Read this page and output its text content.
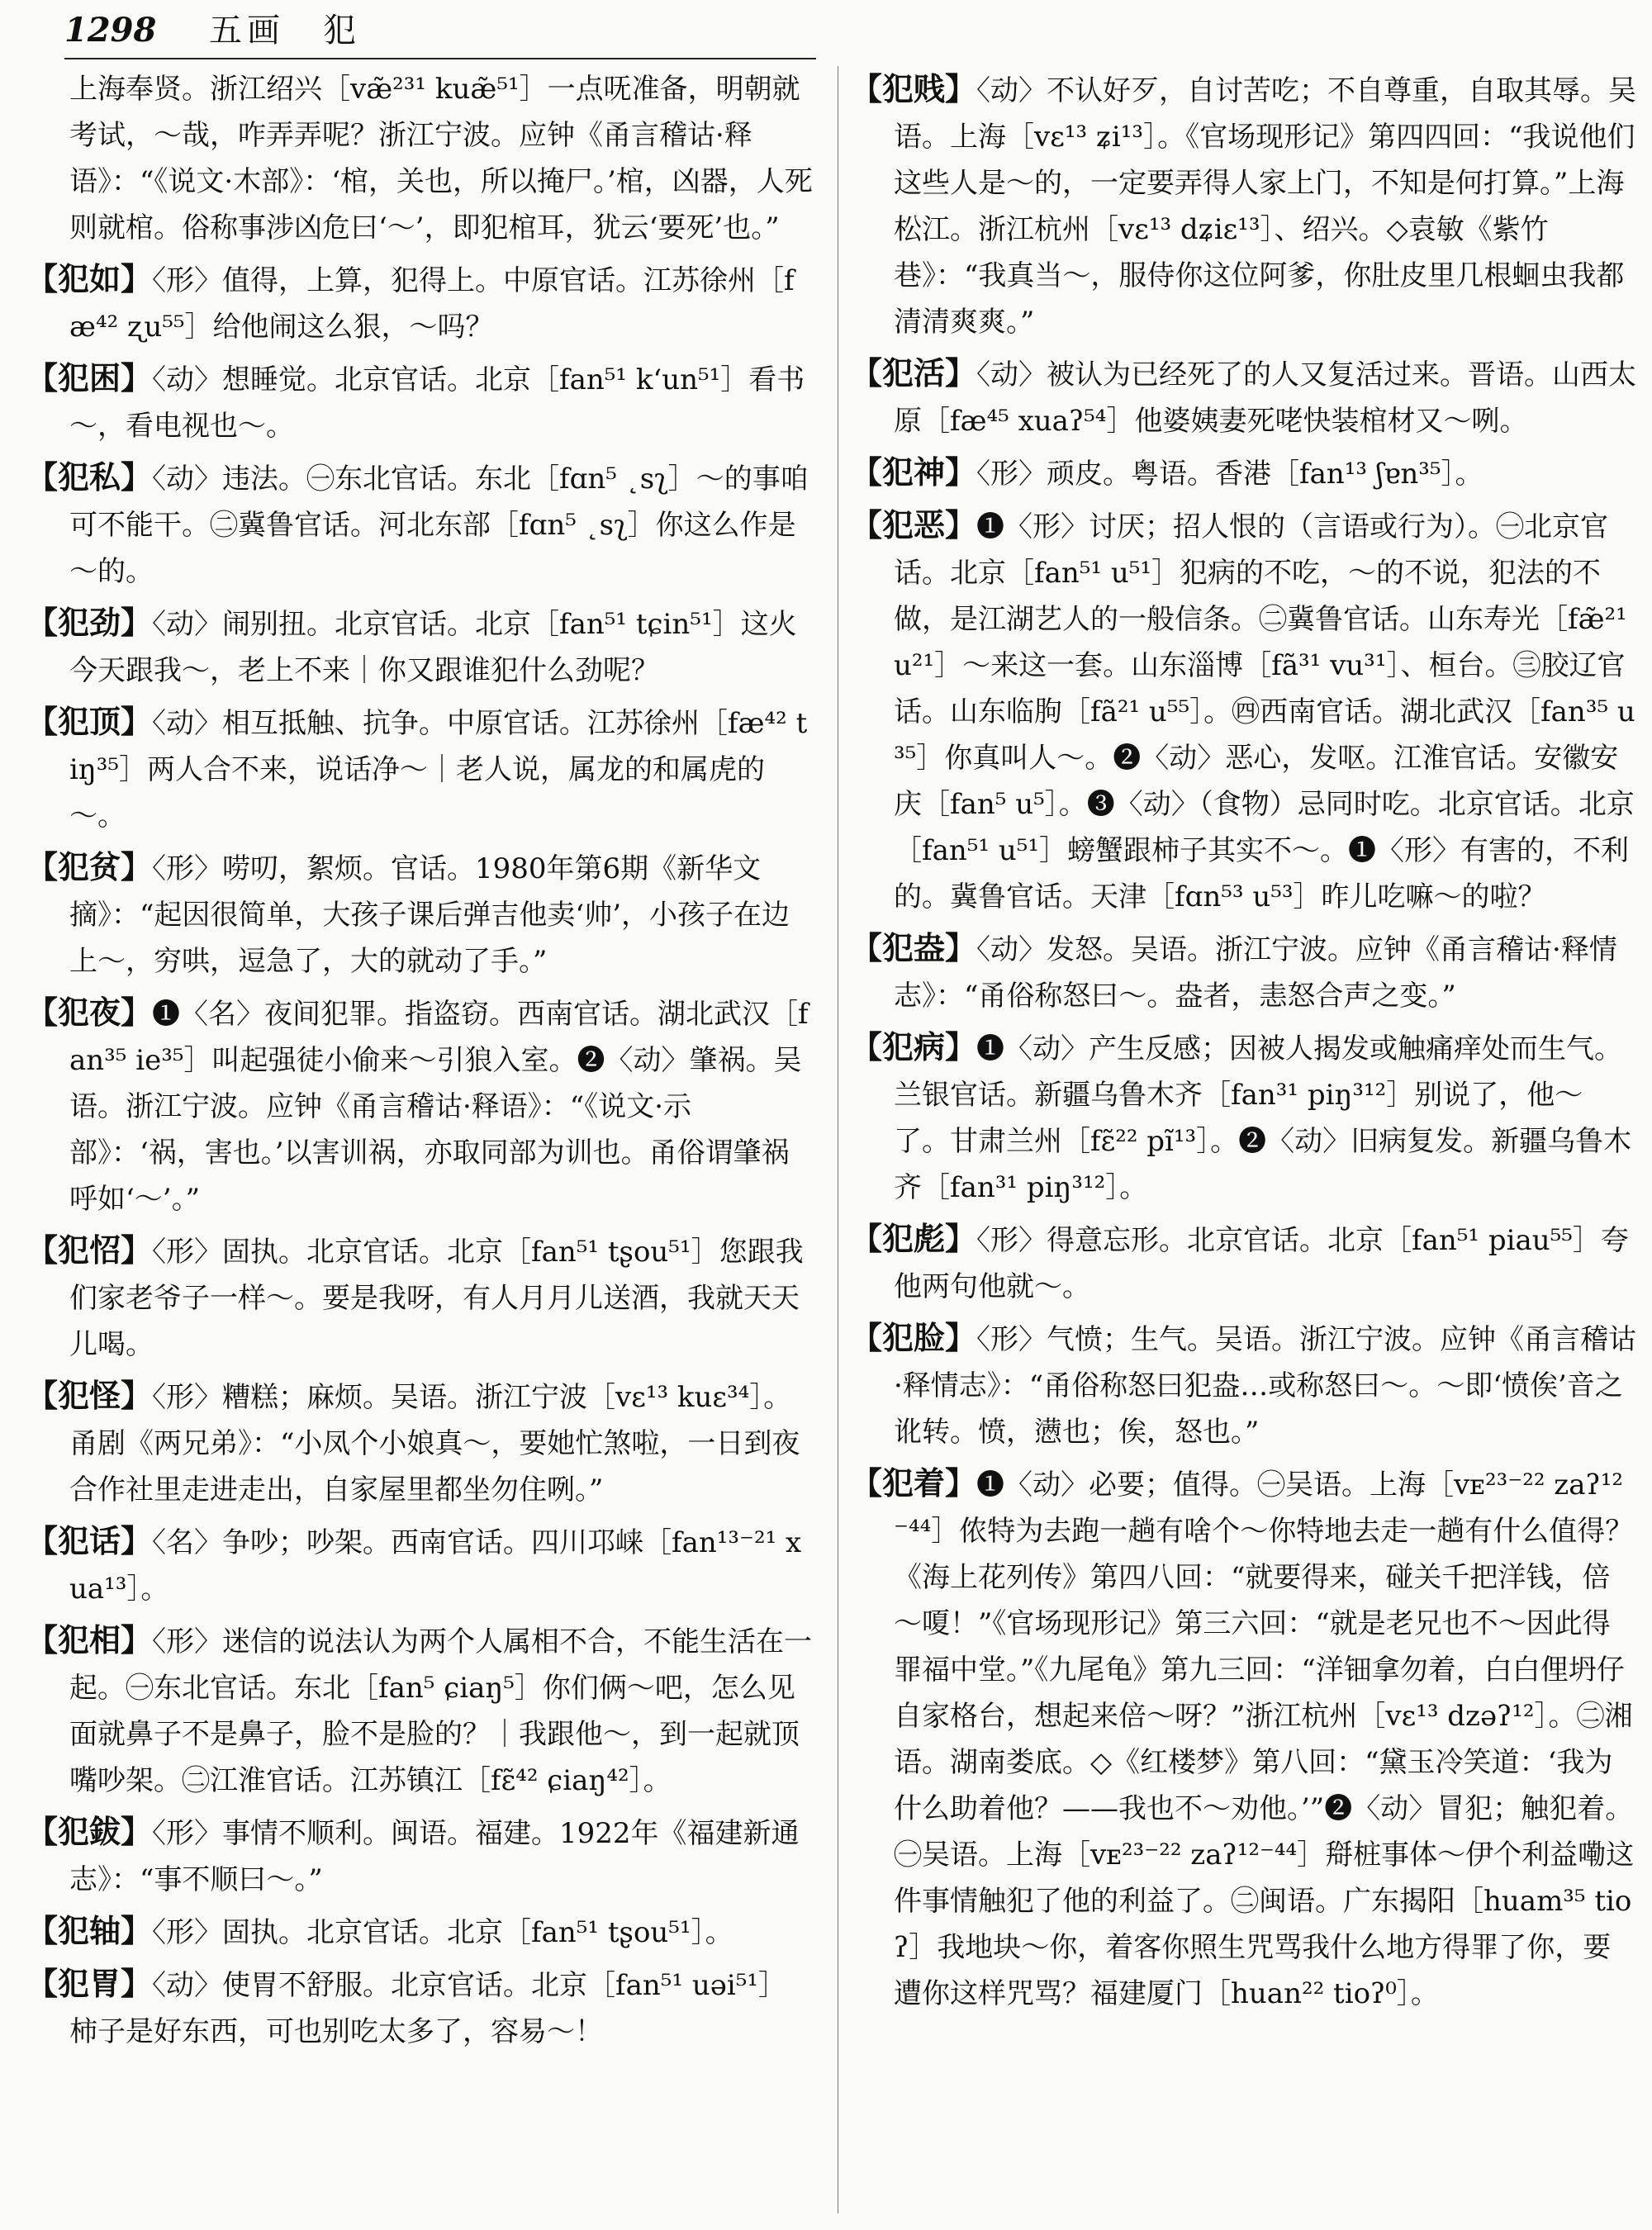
1298 五画　犯

上海奉贤。浙江绍兴［væ̃²³¹ kuæ̃⁵¹］一点呒准备，明朝就考试，～哉，咋弄弄呢？浙江宁波。应钟《甬言稽诂·释语》：“《说文·木部》：‘棺，关也，所以掩尸。’棺，凶器，人死则就棺。俗称事涉凶危曰‘～’，即犯棺耳，犹云‘要死’也。”

【犯如】〈形〉值得，上算，犯得上。中原官话。江苏徐州［fæ⁴² ʐu⁵⁵］给他闹这么狠，～吗？

【犯困】〈动〉想睡觉。北京官话。北京［fan⁵¹ k‘un⁵¹］看书～，看电视也～。

【犯私】〈动〉违法。㊀东北官话。东北［fɑn⁵ ˛sʅ］～的事咱可不能干。㊁冀鲁官话。河北东部［fɑn⁵ ˛sʅ］你这么作是～的。

【犯劲】〈动〉闹别扭。北京官话。北京［fan⁵¹ tɕin⁵¹］这火今天跟我～，老上不来｜你又跟谁犯什么劲呢？

【犯顶】〈动〉相互抵触、抗争。中原官话。江苏徐州［fæ⁴² tiŋ³⁵］两人合不来，说话净～｜老人说，属龙的和属虎的～。

【犯贫】〈形〉唠叨，絮烦。官话。1980年第6期《新华文摘》：“起因很简单，大孩子课后弹吉他卖‘帅’，小孩子在边上～，穷哄，逗急了，大的就动了手。”

【犯夜】❶〈名〉夜间犯罪。指盗窃。西南官话。湖北武汉［fan³⁵ ie³⁵］叫起强徒小偷来～引狼入室。❷〈动〉肇祸。吴语。浙江宁波。应钟《甬言稽诂·释语》：“《说文·示部》：‘祸，害也。’以害训祸，亦取同部为训也。甬俗谓肇祸呼如‘～’。”

【犯怊】〈形〉固执。北京官话。北京［fan⁵¹ tʂou⁵¹］您跟我们家老爷子一样～。要是我呀，有人月月儿送酒，我就天天儿喝。

【犯怪】〈形〉糟糕；麻烦。吴语。浙江宁波［vɛ¹³ kuɛ³⁴］。甬剧《两兄弟》：“小凤个小娘真～，要她忙煞啦，一日到夜合作社里走进走出，自家屋里都坐勿住咧。”

【犯话】〈名〉争吵；吵架。西南官话。四川邛崃［fan¹³⁻²¹ xua¹³］。

【犯相】〈形〉迷信的说法认为两个人属相不合，不能生活在一起。㊀东北官话。东北［fan⁵ ɕiaŋ⁵］你们俩～吧，怎么见面就鼻子不是鼻子，脸不是脸的？｜我跟他～，到一起就顶嘴吵架。㊁江淮官话。江苏镇江［fɛ̃⁴² ɕiaŋ⁴²］。

【犯鈸】〈形〉事情不顺利。闽语。福建。1922年《福建新通志》：“事不顺曰～。”

【犯轴】〈形〉固执。北京官话。北京［fan⁵¹ tʂou⁵¹］。

【犯胃】〈动〉使胃不舒服。北京官话。北京［fan⁵¹ uəi⁵¹］柿子是好东西，可也别吃太多了，容易～！

【犯贱】〈动〉不认好歹，自讨苦吃；不自尊重，自取其辱。吴语。上海［vɛ¹³ ʑi¹³］。《官场现形记》第四四回：“我说他们这些人是～的，一定要弄得人家上门，不知是何打算。”上海松江。浙江杭州［vɛ¹³ dʑiɛ¹³］、绍兴。◇袁敏《紫竹巷》：“我真当～，服侍你这位阿爹，你肚皮里几根蛔虫我都清清爽爽。”

【犯活】〈动〉被认为已经死了的人又复活过来。晋语。山西太原［fæ⁴⁵ xuaʔ⁵⁴］他婆姨妻死咾快装棺材又～咧。

【犯神】〈形〉顽皮。粤语。香港［fan¹³ ʃɐn³⁵］。

【犯恶】❶〈形〉讨厌；招人恨的（言语或行为）。㊀北京官话。北京［fan⁵¹ u⁵¹］犯病的不吃，～的不说，犯法的不做，是江湖艺人的一般信条。㊁冀鲁官话。山东寿光［fæ̃²¹ u²¹］～来这一套。山东淄博［fã³¹ vu³¹］、桓台。㊂胶辽官话。山东临朐［fã²¹ u⁵⁵］。㊃西南官话。湖北武汉［fan³⁵ u³⁵］你真叫人～。❷〈动〉恶心，发呕。江淮官话。安徽安庆［fan⁵ u⁵］。❸〈动〉（食物）忌同时吃。北京官话。北京［fan⁵¹ u⁵¹］螃蟹跟柿子其实不～。❶〈形〉有害的，不利的。冀鲁官话。天津［fɑn⁵³ u⁵³］昨儿吃嘛～的啦？

【犯盎】〈动〉发怒。吴语。浙江宁波。应钟《甬言稽诂·释情志》：“甬俗称怒曰～。盎者，恚怒合声之变。”

【犯病】❶〈动〉产生反感；因被人揭发或触痛痒处而生气。兰银官话。新疆乌鲁木齐［fan³¹ piŋ³¹²］别说了，他～了。甘肃兰州［fɛ̃²² pĩ¹³］。❷〈动〉旧病复发。新疆乌鲁木齐［fan³¹ piŋ³¹²］。

【犯彪】〈形〉得意忘形。北京官话。北京［fan⁵¹ piau⁵⁵］夸他两句他就～。

【犯脸】〈形〉气愤；生气。吴语。浙江宁波。应钟《甬言稽诂·释情志》：“甬俗称怒曰犯盎…或称怒曰～。～即‘愤俟’音之讹转。愤，懑也；俟，怒也。”

【犯着】❶〈动〉必要；值得。㊀吴语。上海［vᴇ²³⁻²² zaʔ¹²⁻⁴⁴］侬特为去跑一趟有啥个～你特地去走一趟有什么值得？《海上花列传》第四八回：“就要得来，碰关千把洋钱，倍～嗄！”《官场现形记》第三六回：“就是老兄也不～因此得罪福中堂。”《九尾龟》第九三回：“洋钿拿勿着，白白俚坍仔自家格台，想起来倍～呀？”浙江杭州［vɛ¹³ dzəʔ¹²］。㊁湘语。湖南娄底。◇《红楼梦》第八回：“黛玉冷笑道：‘我为什么助着他？——我也不～劝他。’”❷〈动〉冒犯；触犯着。㊀吴语。上海［vᴇ²³⁻²² zaʔ¹²⁻⁴⁴］搿桩事体～伊个利益嘞这件事情触犯了他的利益了。㊁闽语。广东揭阳［huam³⁵ tioʔ］我地块～你，着客你照生咒骂我什么地方得罪了你，要遭你这样咒骂？福建厦门［huan²² tioʔ⁰］。
